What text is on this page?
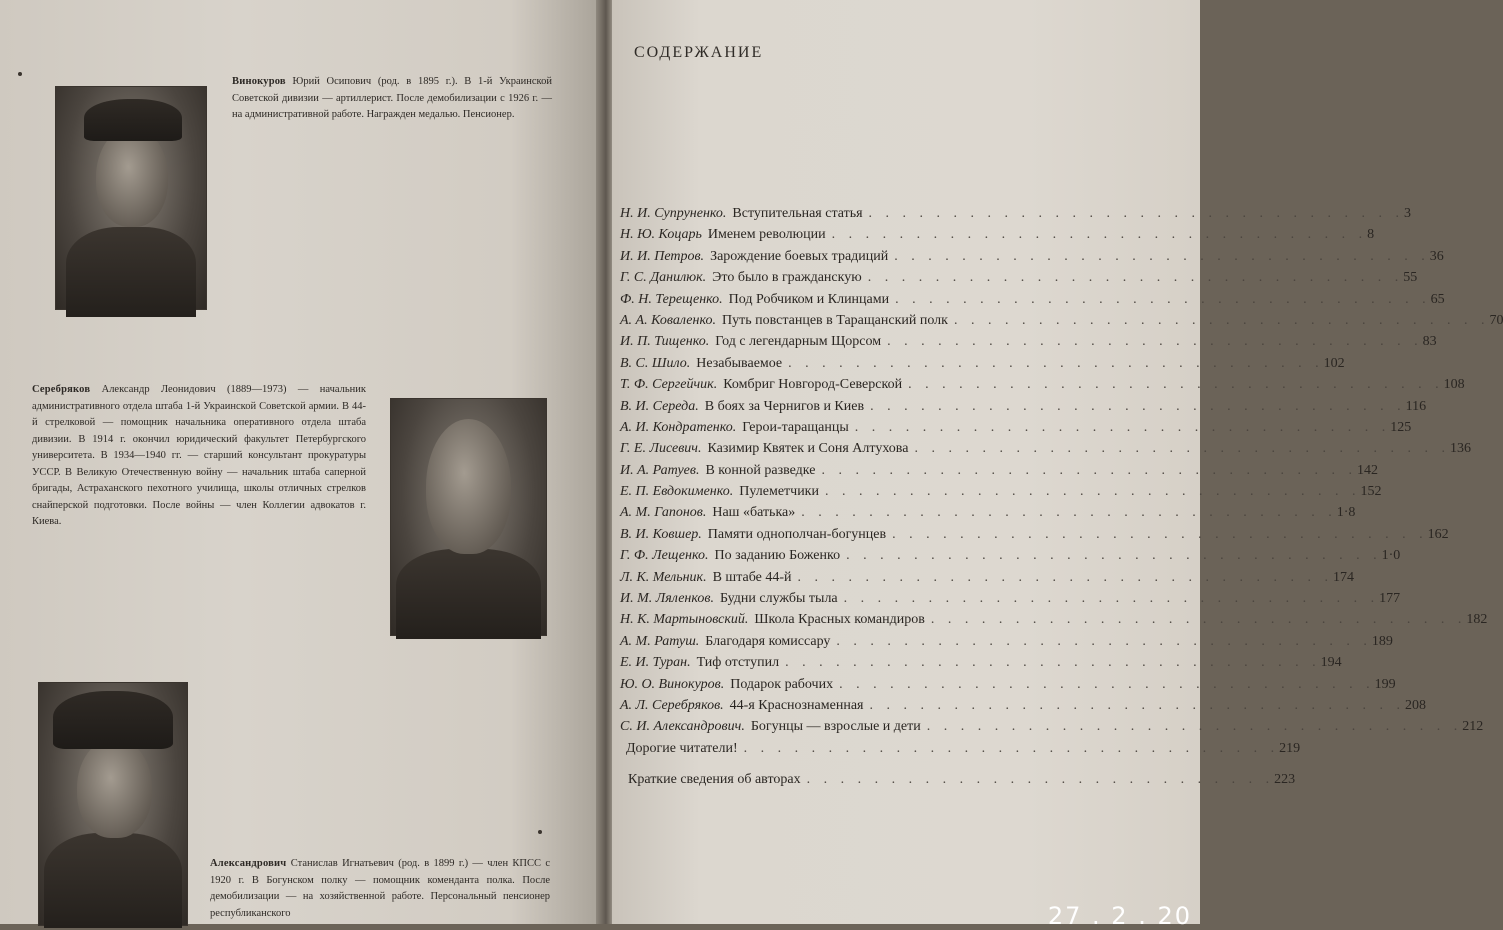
Винокуров Юрий Осипович (род. в 1895 г.). В 1-й Украинской Советской дивизии — артиллерист. После демобилизации с 1926 г. — на административной работе. Награжден медалью. Пенсионер.

Серебряков Александр Леонидович (1889—1973) — начальник административного отдела штаба 1-й Украинской Советской армии. В 44-й стрелковой — помощник начальника оперативного отдела штаба дивизии. В 1914 г. окончил юридический факультет Петербургского университета. В 1934—1940 гг. — старший консультант прокуратуры УССР. В Великую Отечественную войну — начальник штаба саперной бригады, Астраханского пехотного училища, школы отличных стрелков снайперской подготовки. После войны — член Коллегии адвокатов г. Киева.

Александрович Станислав Игнатьевич (род. в 1899 г.) — член КПСС с 1920 г. В Богунском полку — помощник коменданта полка. После демобилизации — на хозяйственной работе. Персональный пенсионер республиканского

СОДЕРЖАНИЕ
Н. И. Супруненко. Вступительная статья . . . . . . . . . . . . . . . . . . . . . . . . . . . . . . . . 3
Н. Ю. Коцарь Именем революции . . . . . . . . . . . . . . . . . . . . . . . . . . . . . . . . 8
И. И. Петров. Зарождение боевых традиций . . . . . . . . . . . . . . . . . . . . . . . . . . . . . . . . 36
Г. С. Данилюк. Это было в гражданскую . . . . . . . . . . . . . . . . . . . . . . . . . . . . . . . . 55
Ф. Н. Терещенко. Под Робчиком и Клинцами . . . . . . . . . . . . . . . . . . . . . . . . . . . . . . . . 65
А. А. Коваленко. Путь повстанцев в Таращанский полк . . . . . . . . . . . . . . . . . . . . . . . . . . . . . . . . 70
И. П. Тищенко. Год с легендарным Щорсом . . . . . . . . . . . . . . . . . . . . . . . . . . . . . . . . 83
В. С. Шило. Незабываемое . . . . . . . . . . . . . . . . . . . . . . . . . . . . . . . . 102
Т. Ф. Сергейчик. Комбриг Новгород-Северской . . . . . . . . . . . . . . . . . . . . . . . . . . . . . . . . 108
В. И. Середа. В боях за Чернигов и Киев . . . . . . . . . . . . . . . . . . . . . . . . . . . . . . . . 116
А. И. Кондратенко. Герои-таращанцы . . . . . . . . . . . . . . . . . . . . . . . . . . . . . . . . 125
Г. Е. Лисевич. Казимир Квятек и Соня Алтухова . . . . . . . . . . . . . . . . . . . . . . . . . . . . . . . . 136
И. А. Ратуев. В конной разведке . . . . . . . . . . . . . . . . . . . . . . . . . . . . . . . . 142
Е. П. Евдокименко. Пулеметчики . . . . . . . . . . . . . . . . . . . . . . . . . . . . . . . . 152
А. М. Гапонов. Наш «батька» . . . . . . . . . . . . . . . . . . . . . . . . . . . . . . . . 1·8
В. И. Ковшер. Памяти однополчан-богунцев . . . . . . . . . . . . . . . . . . . . . . . . . . . . . . . . 162
Г. Ф. Лещенко. По заданию Боженко . . . . . . . . . . . . . . . . . . . . . . . . . . . . . . . . 1·0
Л. К. Мельник. В штабе 44-й . . . . . . . . . . . . . . . . . . . . . . . . . . . . . . . . 174
И. М. Ляленков. Будни службы тыла . . . . . . . . . . . . . . . . . . . . . . . . . . . . . . . . 177
Н. К. Мартыновский. Школа Красных командиров . . . . . . . . . . . . . . . . . . . . . . . . . . . . . . . . 182
А. М. Ратуш. Благодаря комиссару . . . . . . . . . . . . . . . . . . . . . . . . . . . . . . . . 189
Е. И. Туран. Тиф отступил . . . . . . . . . . . . . . . . . . . . . . . . . . . . . . . . 194
Ю. О. Винокуров. Подарок рабочих . . . . . . . . . . . . . . . . . . . . . . . . . . . . . . . . 199
А. Л. Серебряков. 44-я Краснознаменная . . . . . . . . . . . . . . . . . . . . . . . . . . . . . . . . 208
С. И. Александрович. Богунцы — взрослые и дети . . . . . . . . . . . . . . . . . . . . . . . . . . . . . . . . 212
Дорогие читатели! . . . . . . . . . . . . . . . . . . . . . . . . . . . . . . . . 219
Краткие сведения об авторах . . . . . . . . . . . . . . . . . . . . . . . . . . . . 223
27 . 2 . 20
